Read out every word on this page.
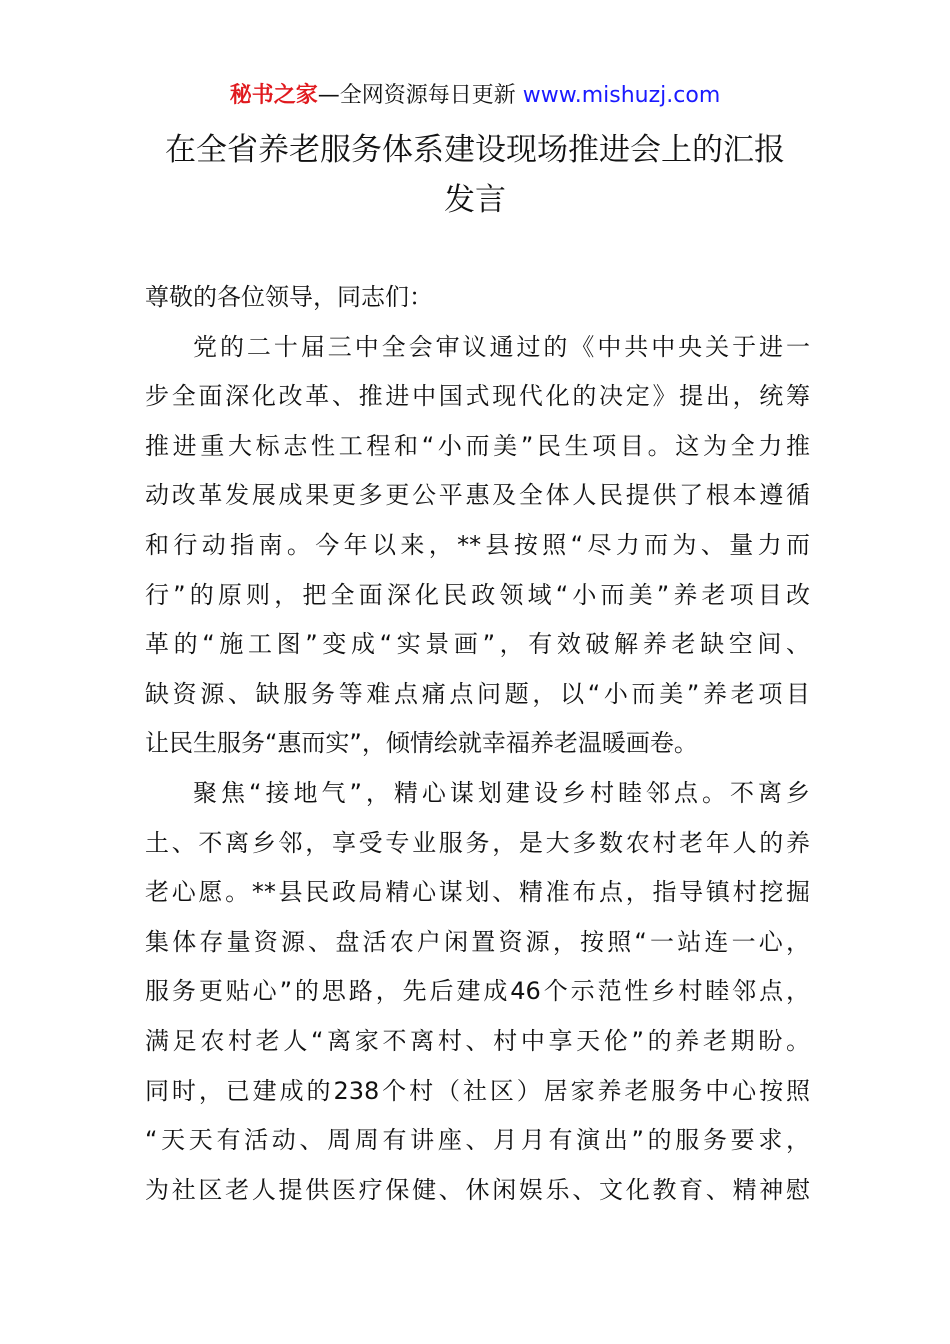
秘书之家—全网资源每日更新 www.mishuzj.com
在全省养老服务体系建设现场推进会上的汇报
发言
尊敬的各位领导，同志们：
党的二十届三中全会审议通过的《中共中央关于进一
步全面深化改革、推进中国式现代化的决定》提出，统筹
推进重大标志性工程和“小而美”民生项目。这为全力推
动改革发展成果更多更公平惠及全体人民提供了根本遵循
和行动指南。今年以来，**县按照“尽力而为、量力而
行”的原则，把全面深化民政领域“小而美”养老项目改
革的“施工图”变成“实景画”，有效破解养老缺空间、
缺资源、缺服务等难点痛点问题，以“小而美”养老项目
让民生服务“惠而实”，倾情绘就幸福养老温暖画卷。
聚焦“接地气”，精心谋划建设乡村睦邻点。不离乡
土、不离乡邻，享受专业服务，是大多数农村老年人的养
老心愿。**县民政局精心谋划、精准布点，指导镇村挖掘
集体存量资源、盘活农户闲置资源，按照“一站连一心，
服务更贴心”的思路，先后建成46个示范性乡村睦邻点，
满足农村老人“离家不离村、村中享天伦”的养老期盼。
同时，已建成的238个村（社区）居家养老服务中心按照
“天天有活动、周周有讲座、月月有演出”的服务要求，
为社区老人提供医疗保健、休闲娱乐、文化教育、精神慰
